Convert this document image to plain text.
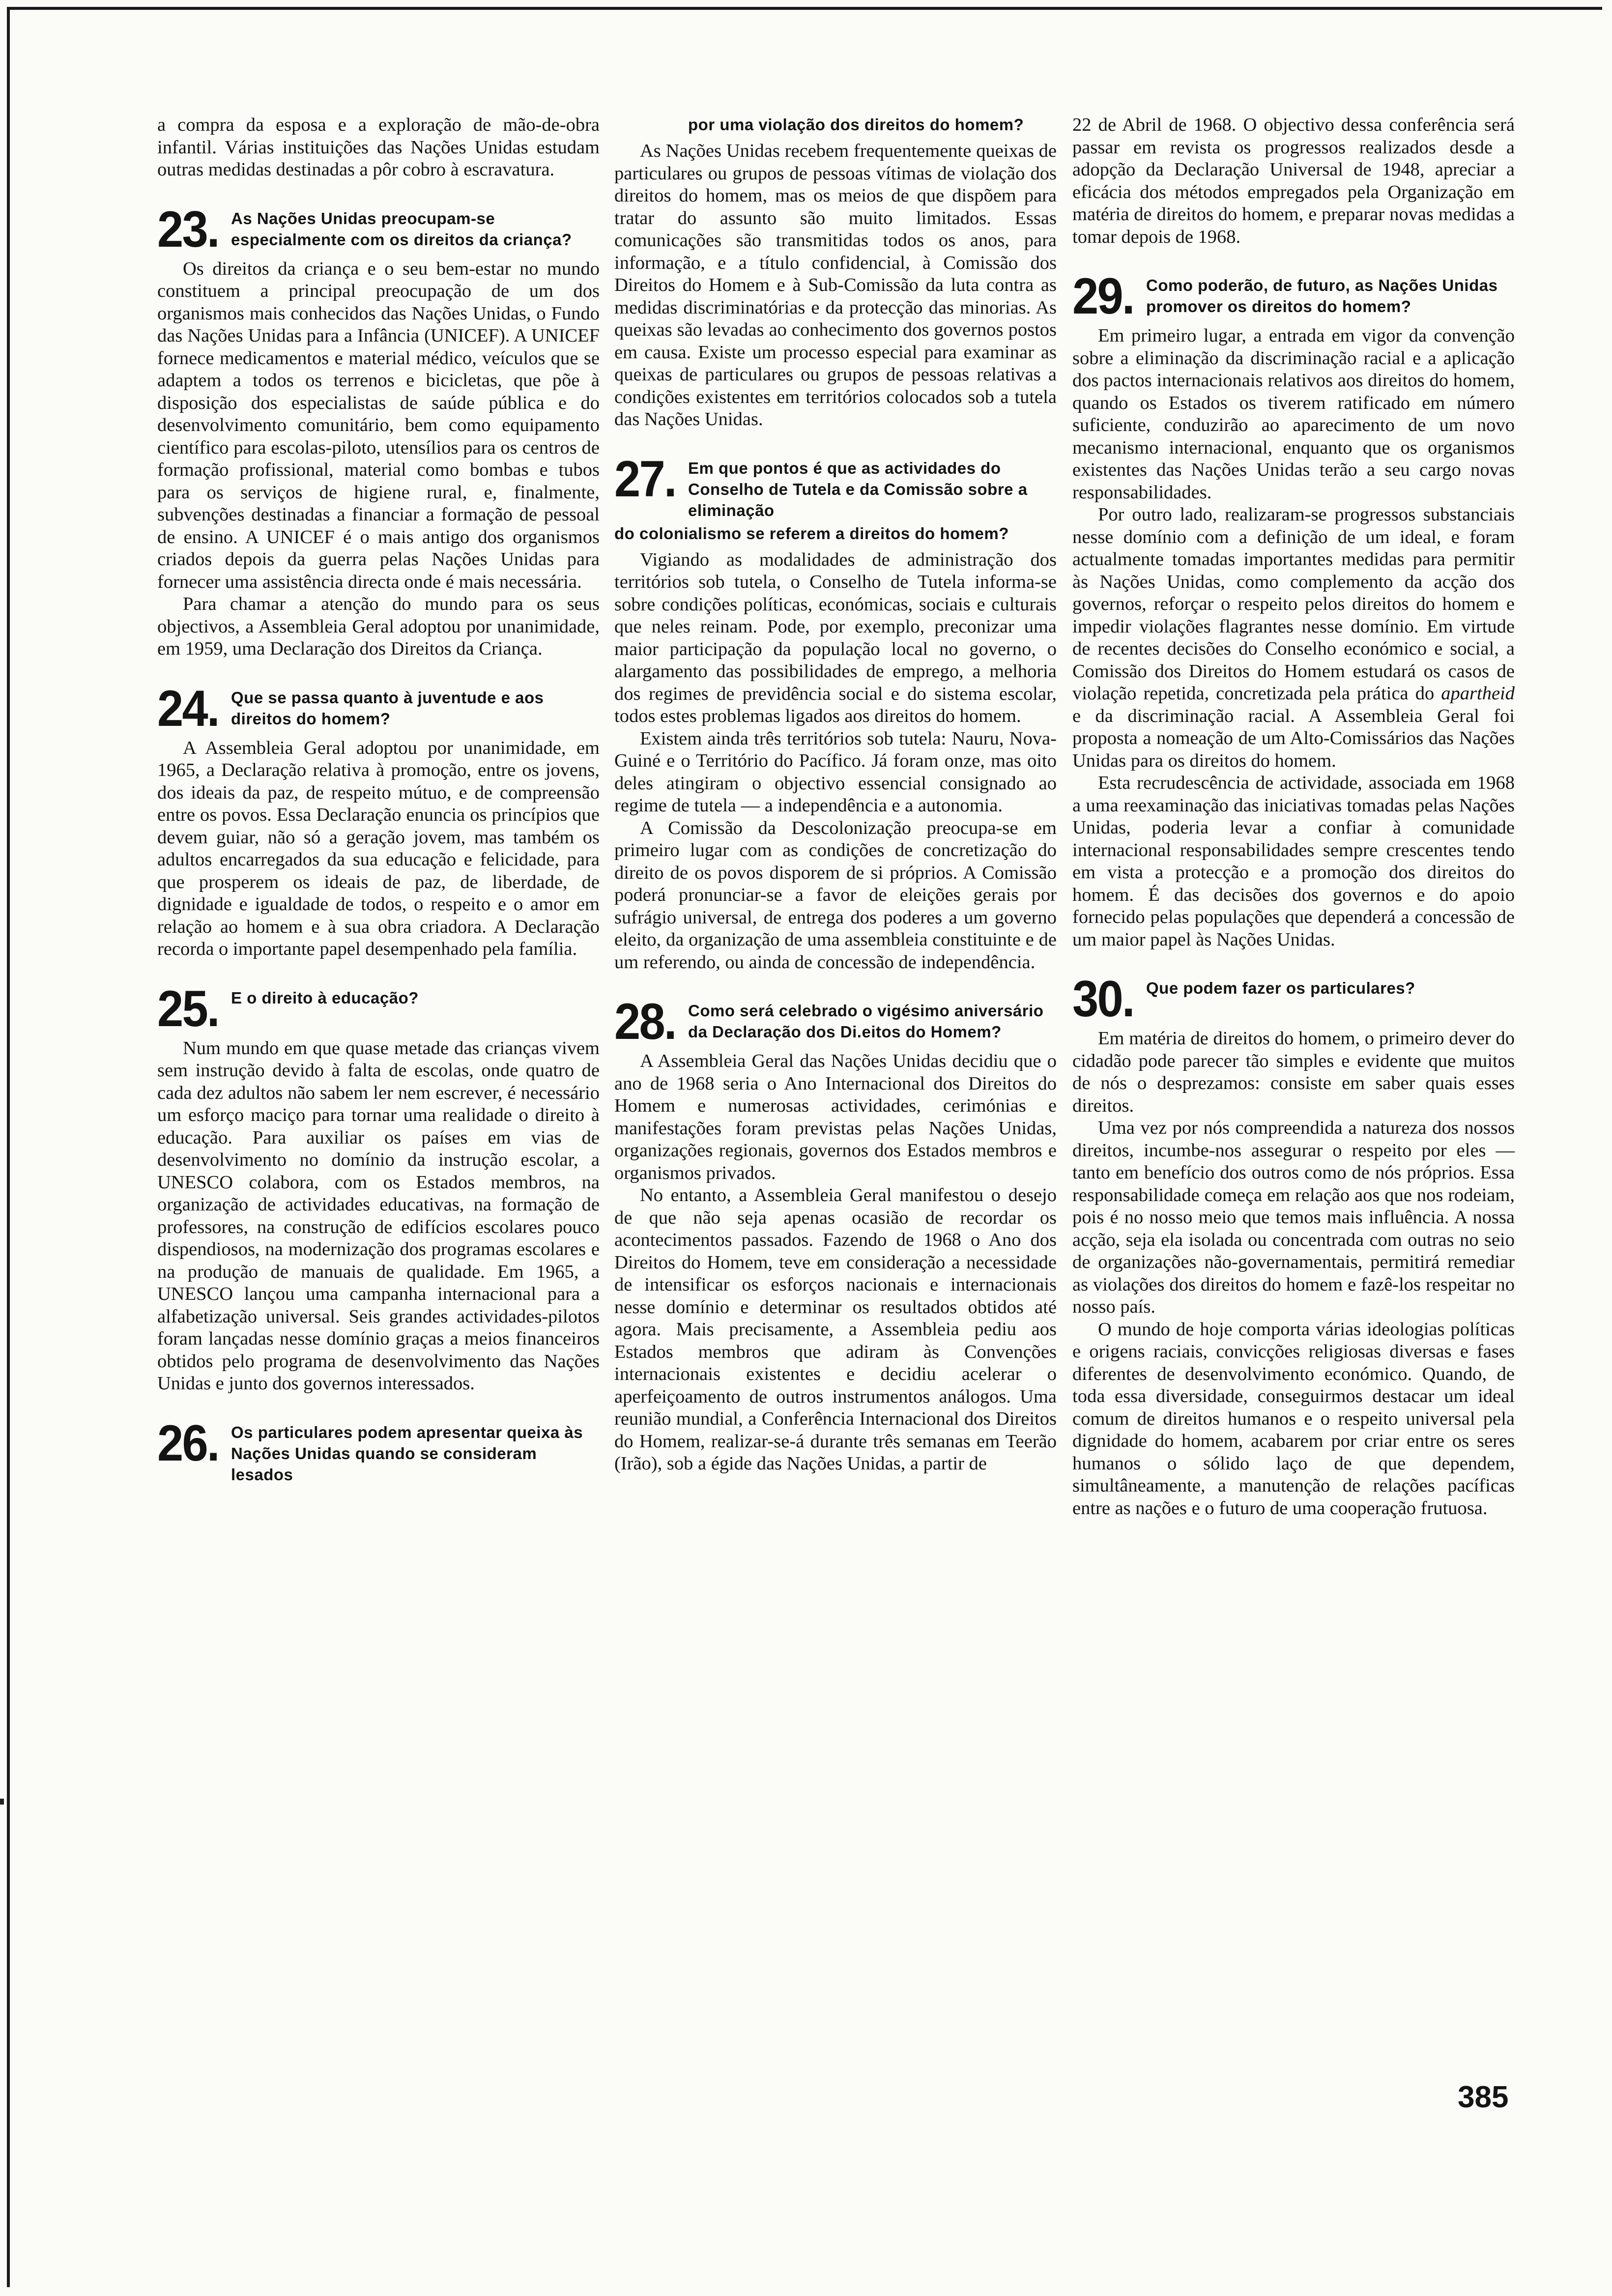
a compra da esposa e a exploração de mão-de-obra infantil. Várias instituições das Nações Unidas estudam outras medidas destinadas a pôr cobro à escravatura.

23. As Nações Unidas preocupam-se especialmente com os direitos da criança?

Os direitos da criança e o seu bem-estar no mundo constituem a principal preocupação de um dos organismos mais conhecidos das Nações Unidas, o Fundo das Nações Unidas para a Infância (UNICEF). A UNICEF fornece medicamentos e material médico, veículos que se adaptem a todos os terrenos e bicicletas, que põe à disposição dos especialistas de saúde pública e do desenvolvimento comunitário, bem como equipamento científico para escolas-piloto, utensílios para os centros de formação profissional, material como bombas e tubos para os serviços de higiene rural, e, finalmente, subvenções destinadas a financiar a formação de pessoal de ensino. A UNICEF é o mais antigo dos organismos criados depois da guerra pelas Nações Unidas para fornecer uma assistência directa onde é mais necessária.

Para chamar a atenção do mundo para os seus objectivos, a Assembleia Geral adoptou por unanimidade, em 1959, uma Declaração dos Direitos da Criança.

24. Que se passa quanto à juventude e aos direitos do homem?

A Assembleia Geral adoptou por unanimidade, em 1965, a Declaração relativa à promoção, entre os jovens, dos ideais da paz, de respeito mútuo, e de compreensão entre os povos. Essa Declaração enuncia os princípios que devem guiar, não só a geração jovem, mas também os adultos encarregados da sua educação e felicidade, para que prosperem os ideais de paz, de liberdade, de dignidade e igualdade de todos, o respeito e o amor em relação ao homem e à sua obra criadora. A Declaração recorda o importante papel desempenhado pela família.

25. E o direito à educação?

Num mundo em que quase metade das crianças vivem sem instrução devido à falta de escolas, onde quatro de cada dez adultos não sabem ler nem escrever, é necessário um esforço maciço para tornar uma realidade o direito à educação. Para auxiliar os países em vias de desenvolvimento no domínio da instrução escolar, a UNESCO colabora, com os Estados membros, na organização de actividades educativas, na formação de professores, na construção de edifícios escolares pouco dispendiosos, na modernização dos programas escolares e na produção de manuais de qualidade. Em 1965, a UNESCO lançou uma campanha internacional para a alfabetização universal. Seis grandes actividades-pilotos foram lançadas nesse domínio graças a meios financeiros obtidos pelo programa de desenvolvimento das Nações Unidas e junto dos governos interessados.

26. Os particulares podem apresentar queixa às Nações Unidas quando se consideram lesados
por uma violação dos direitos do homem?

As Nações Unidas recebem frequentemente queixas de particulares ou grupos de pessoas vítimas de violação dos direitos do homem, mas os meios de que dispõem para tratar do assunto são muito limitados. Essas comunicações são transmitidas todos os anos, para informação, e a título confidencial, à Comissão dos Direitos do Homem e à Sub-Comissão da luta contra as medidas discriminatórias e da protecção das minorias. As queixas são levadas ao conhecimento dos governos postos em causa. Existe um processo especial para examinar as queixas de particulares ou grupos de pessoas relativas a condições existentes em territórios colocados sob a tutela das Nações Unidas.

27. Em que pontos é que as actividades do Conselho de Tutela e da Comissão sobre a eliminação
do colonialismo se referem a direitos do homem?

Vigiando as modalidades de administração dos territórios sob tutela, o Conselho de Tutela informa-se sobre condições políticas, económicas, sociais e culturais que neles reinam. Pode, por exemplo, preconizar uma maior participação da população local no governo, o alargamento das possibilidades de emprego, a melhoria dos regimes de previdência social e do sistema escolar, todos estes problemas ligados aos direitos do homem.

Existem ainda três territórios sob tutela: Nauru, Nova-Guiné e o Território do Pacífico. Já foram onze, mas oito deles atingiram o objectivo essencial consignado ao regime de tutela — a independência e a autonomia.

A Comissão da Descolonização preocupa-se em primeiro lugar com as condições de concretização do direito de os povos disporem de si próprios. A Comissão poderá pronunciar-se a favor de eleições gerais por sufrágio universal, de entrega dos poderes a um governo eleito, da organização de uma assembleia constituinte e de um referendo, ou ainda de concessão de independência.

28. Como será celebrado o vigésimo aniversário da Declaração dos Di.eitos do Homem?

A Assembleia Geral das Nações Unidas decidiu que o ano de 1968 seria o Ano Internacional dos Direitos do Homem e numerosas actividades, cerimónias e manifestações foram previstas pelas Nações Unidas, organizações regionais, governos dos Estados membros e organismos privados.

No entanto, a Assembleia Geral manifestou o desejo de que não seja apenas ocasião de recordar os acontecimentos passados. Fazendo de 1968 o Ano dos Direitos do Homem, teve em consideração a necessidade de intensificar os esforços nacionais e internacionais nesse domínio e determinar os resultados obtidos até agora. Mais precisamente, a Assembleia pediu aos Estados membros que adiram às Convenções internacionais existentes e decidiu acelerar o aperfeiçoamento de outros instrumentos análogos. Uma reunião mundial, a Conferência Internacional dos Direitos do Homem, realizar-se-á durante três semanas em Teerão (Irão), sob a égide das Nações Unidas, a partir de

22 de Abril de 1968. O objectivo dessa conferência será passar em revista os progressos realizados desde a adopção da Declaração Universal de 1948, apreciar a eficácia dos métodos empregados pela Organização em matéria de direitos do homem, e preparar novas medidas a tomar depois de 1968.

29. Como poderão, de futuro, as Nações Unidas promover os direitos do homem?

Em primeiro lugar, a entrada em vigor da convenção sobre a eliminação da discriminação racial e a aplicação dos pactos internacionais relativos aos direitos do homem, quando os Estados os tiverem ratificado em número suficiente, conduzirão ao aparecimento de um novo mecanismo internacional, enquanto que os organismos existentes das Nações Unidas terão a seu cargo novas responsabilidades.

Por outro lado, realizaram-se progressos substanciais nesse domínio com a definição de um ideal, e foram actualmente tomadas importantes medidas para permitir às Nações Unidas, como complemento da acção dos governos, reforçar o respeito pelos direitos do homem e impedir violações flagrantes nesse domínio. Em virtude de recentes decisões do Conselho económico e social, a Comissão dos Direitos do Homem estudará os casos de violação repetida, concretizada pela prática do apartheid e da discriminação racial. A Assembleia Geral foi proposta a nomeação de um Alto-Comissários das Nações Unidas para os direitos do homem.

Esta recrudescência de actividade, associada em 1968 a uma reexaminação das iniciativas tomadas pelas Nações Unidas, poderia levar a confiar à comunidade internacional responsabilidades sempre crescentes tendo em vista a protecção e a promoção dos direitos do homem. É das decisões dos governos e do apoio fornecido pelas populações que dependerá a concessão de um maior papel às Nações Unidas.

30. Que podem fazer os particulares?

Em matéria de direitos do homem, o primeiro dever do cidadão pode parecer tão simples e evidente que muitos de nós o desprezamos: consiste em saber quais esses direitos.

Uma vez por nós compreendida a natureza dos nossos direitos, incumbe-nos assegurar o respeito por eles — tanto em benefício dos outros como de nós próprios. Essa responsabilidade começa em relação aos que nos rodeiam, pois é no nosso meio que temos mais influência. A nossa acção, seja ela isolada ou concentrada com outras no seio de organizações não-governamentais, permitirá remediar as violações dos direitos do homem e fazê-los respeitar no nosso país.

O mundo de hoje comporta várias ideologias políticas e origens raciais, convicções religiosas diversas e fases diferentes de desenvolvimento económico. Quando, de toda essa diversidade, conseguirmos destacar um ideal comum de direitos humanos e o respeito universal pela dignidade do homem, acabarem por criar entre os seres humanos o sólido laço de que dependem, simultâneamente, a manutenção de relações pacíficas entre as nações e o futuro de uma cooperação frutuosa.

385
